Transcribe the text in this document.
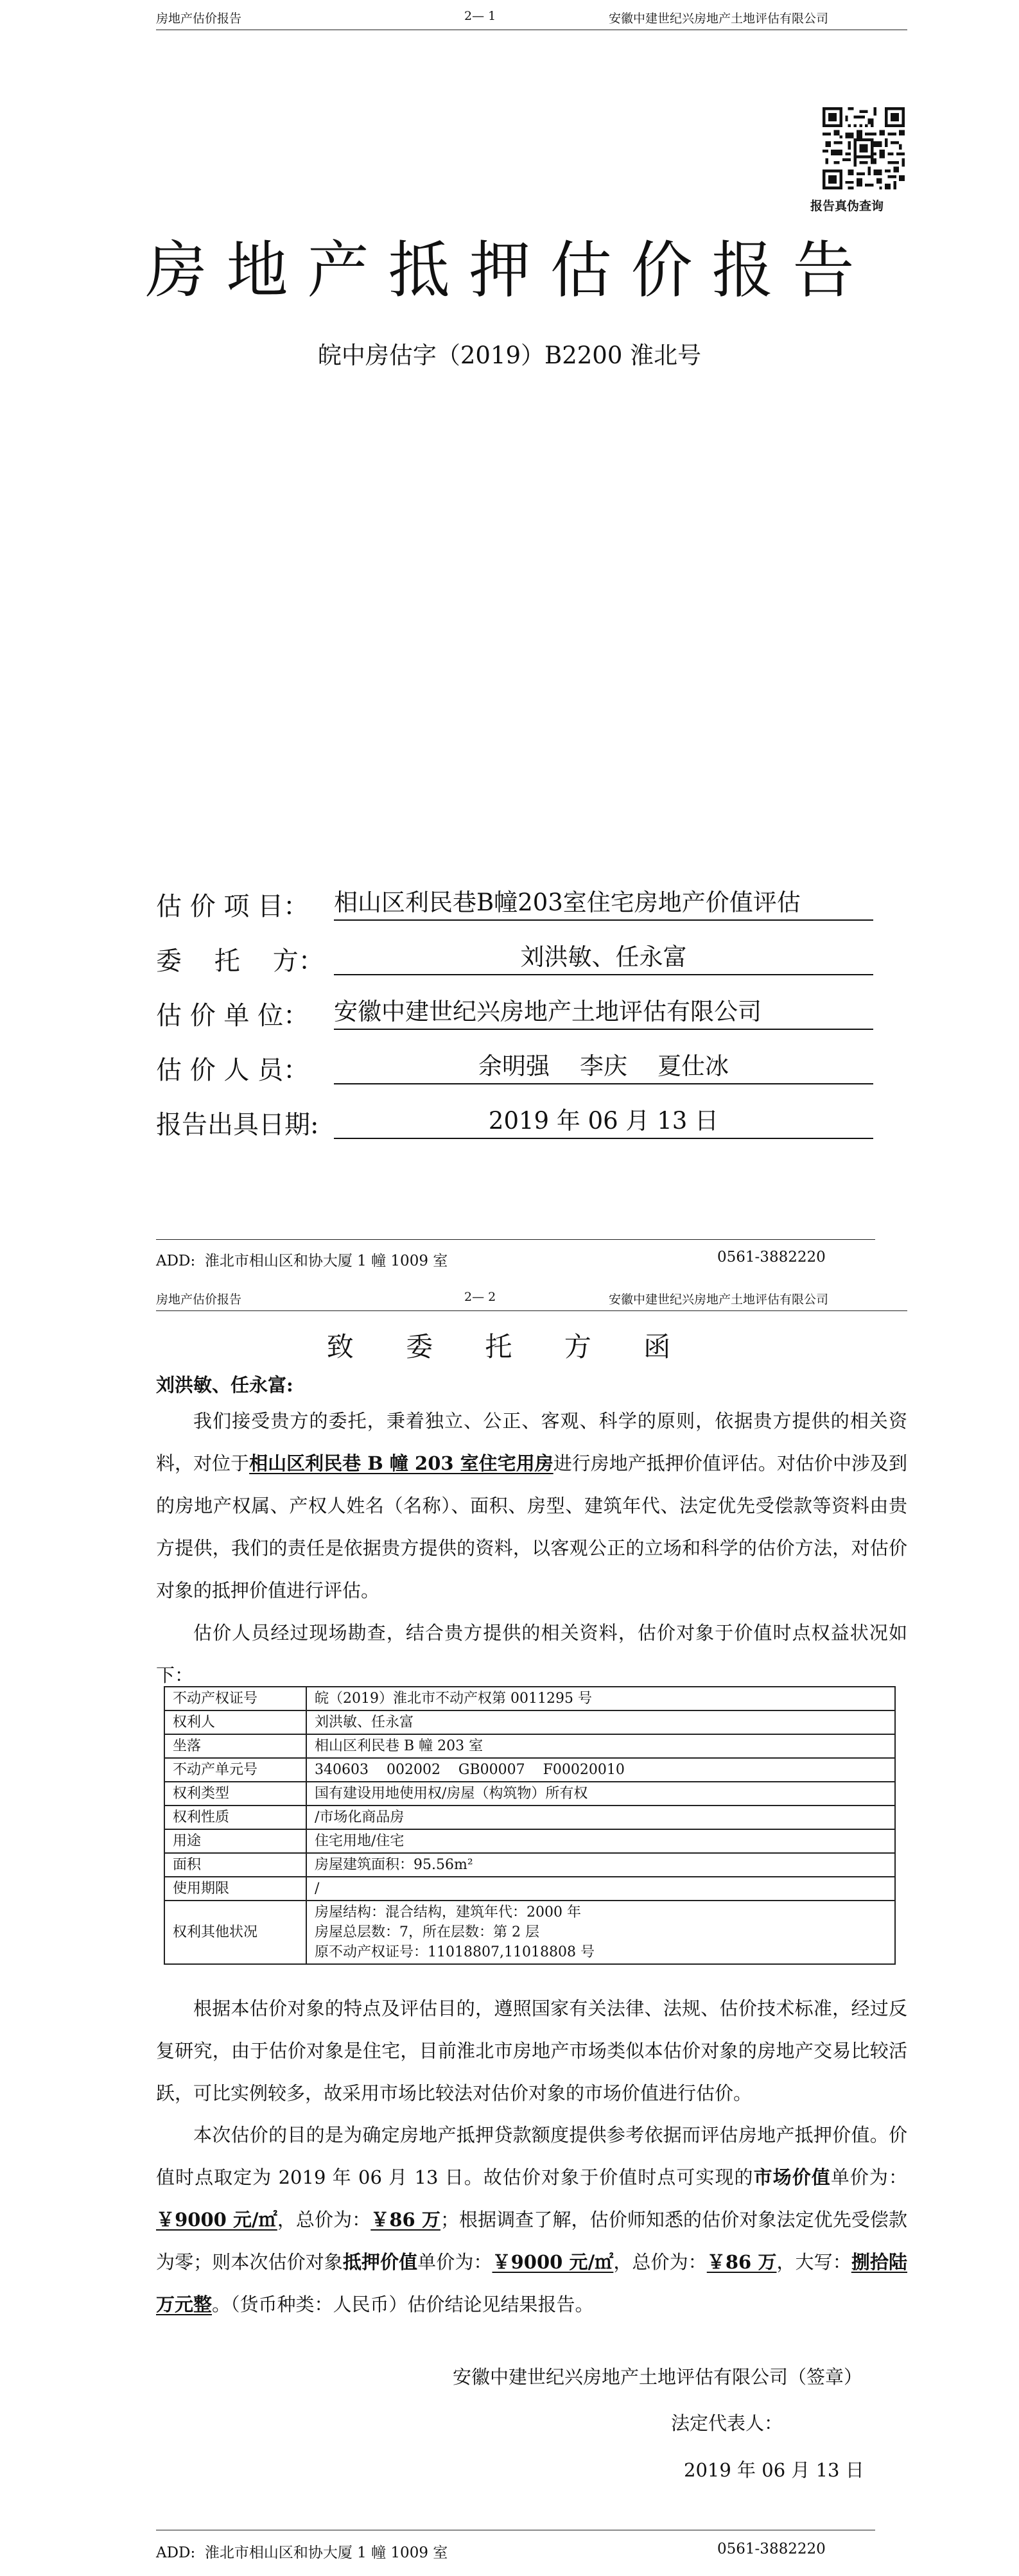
房地产估价报告	2— 1	安徽中建世纪兴房地产土地评估有限公司
报告真伪查询
房地产抵押估价报告
皖中房估字（2019）B2200 淮北号
估 价 项 目： 相山区利民巷B幢203室住宅房地产价值评估
委    托    方：	刘洪敏、任永富
估 价 单 位： 安徽中建世纪兴房地产土地评估有限公司
估 价 人 员：	余明强    李庆    夏仕冰
报告出具日期:	2019 年 06 月 13 日
ADD:  淮北市相山区和协大厦 1 幢 1009 室	0561-3882220
房地产估价报告	2— 2	安徽中建世纪兴房地产土地评估有限公司
致 委 托 方 函
刘洪敏、任永富:

我们接受贵方的委托，秉着独立、公正、客观、科学的原则，依据贵方提供的相关资料，对位于相山区利民巷 B 幢 203 室住宅用房进行房地产抵押价值评估。对估价中涉及到的房地产权属、产权人姓名（名称）、面积、房型、建筑年代、法定优先受偿款等资料由贵方提供，我们的责任是依据贵方提供的资料，以客观公正的立场和科学的估价方法，对估价对象的抵押价值进行评估。

估价人员经过现场勘查，结合贵方提供的相关资料，估价对象于价值时点权益状况如下：

不动产权证号	皖（2019）淮北市不动产权第 0011295 号

权利人	刘洪敏、任永富

坐落	相山区利民巷 B 幢 203 室

不动产单元号	340603    002002    GB00007    F00020010

权利类型	国有建设用地使用权/房屋（构筑物）所有权

权利性质	/市场化商品房

用途	住宅用地/住宅

面积	房屋建筑面积：95.56m²

使用期限	/

权利其他状况	房屋结构：混合结构，建筑年代：2000 年
房屋总层数：7，所在层数：第 2 层
原不动产权证号：11018807,11018808 号

根据本估价对象的特点及评估目的，遵照国家有关法律、法规、估价技术标准，经过反复研究，由于估价对象是住宅，目前淮北市房地产市场类似本估价对象的房地产交易比较活跃，可比实例较多，故采用市场比较法对估价对象的市场价值进行估价。

本次估价的目的是为确定房地产抵押贷款额度提供参考依据而评估房地产抵押价值。价值时点取定为 2019 年 06 月 13 日。故估价对象于价值时点可实现的市场价值单价为：￥9000 元/㎡，总价为：￥86 万；根据调查了解，估价师知悉的估价对象法定优先受偿款为零；则本次估价对象抵押价值单价为：￥9000 元/㎡，总价为：￥86 万，大写：捌拾陆万元整。（货币种类：人民币）估价结论见结果报告。

安徽中建世纪兴房地产土地评估有限公司（签章）
法定代表人：
2019 年 06 月 13 日
ADD:  淮北市相山区和协大厦 1 幢 1009 室	0561-3882220
